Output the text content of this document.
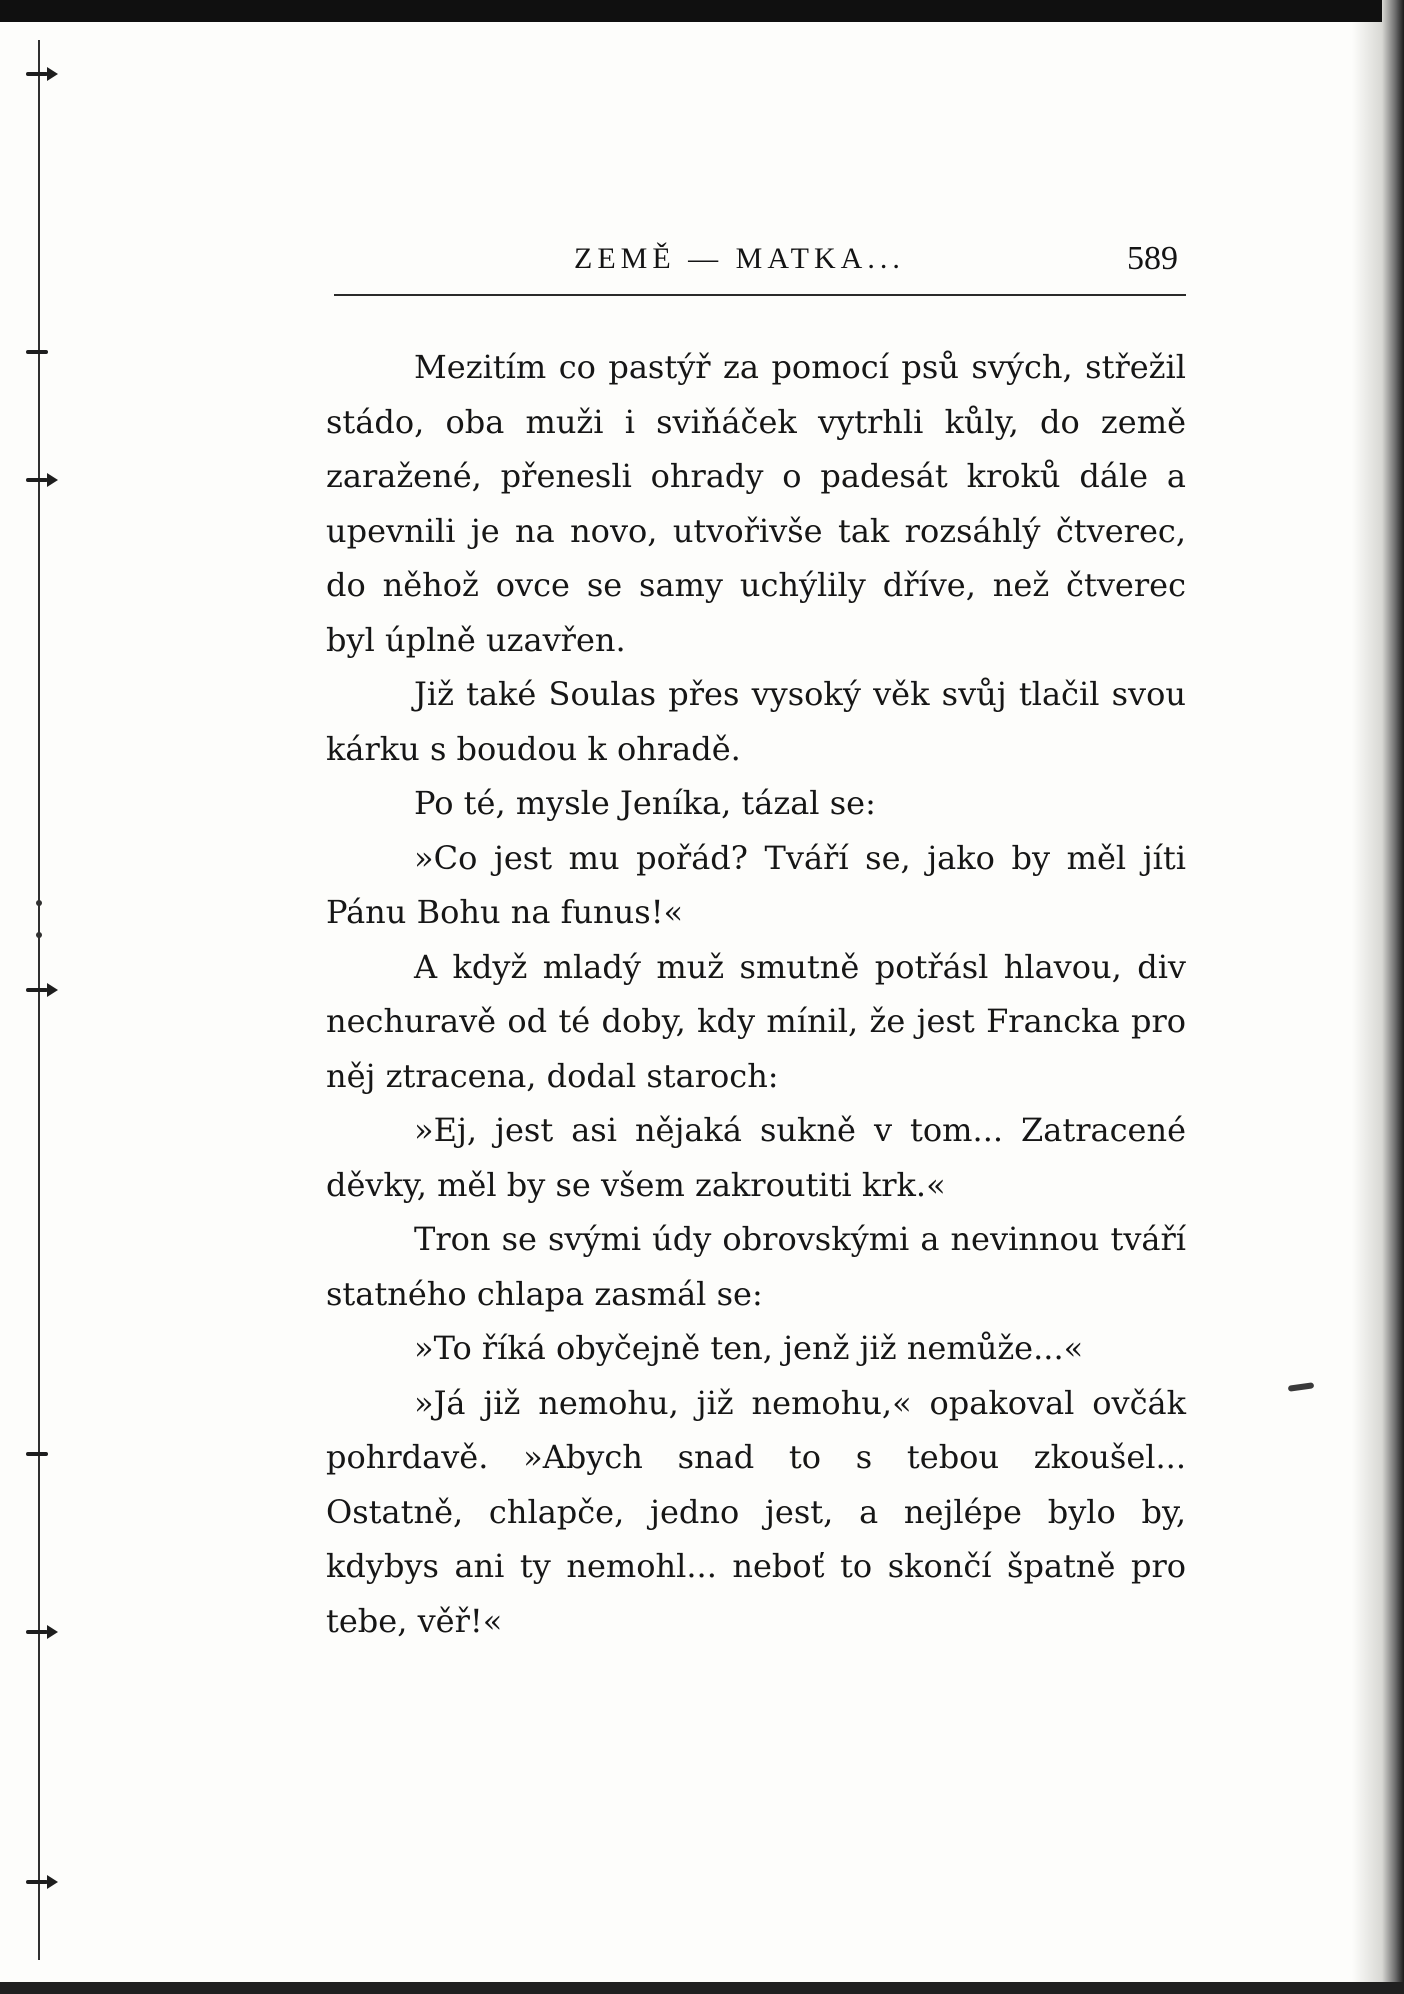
ZEMĚ — MATKA...	589

Mezitím co pastýř za pomocí psů svých, střežil stádo, oba muži i sviňáček vytrhli kůly, do země zaražené, přenesli ohrady o padesát kroků dále a upevnili je na novo, utvořivše tak rozsáhlý čtverec, do něhož ovce se samy uchýlily dříve, než čtverec byl úplně uzavřen.

Již také Soulas přes vysoký věk svůj tlačil svou kárku s boudou k ohradě.

Po té, mysle Jeníka, tázal se:

»Co jest mu pořád? Tváří se, jako by měl jíti Pánu Bohu na funus!«

A když mladý muž smutně potřásl hlavou, div nechuravě od té doby, kdy mínil, že jest Francka pro něj ztracena, dodal staroch:

»Ej, jest asi nějaká sukně v tom... Zatracené děvky, měl by se všem zakroutiti krk.«

Tron se svými údy obrovskými a nevinnou tváří statného chlapa zasmál se:

»To říká obyčejně ten, jenž již nemůže...«

»Já již nemohu, již nemohu,« opakoval ovčák pohrdavě. »Abych snad to s tebou zkoušel... Ostatně, chlapče, jedno jest, a nejlépe bylo by, kdybys ani ty nemohl... neboť to skončí špatně pro tebe, věř!«
